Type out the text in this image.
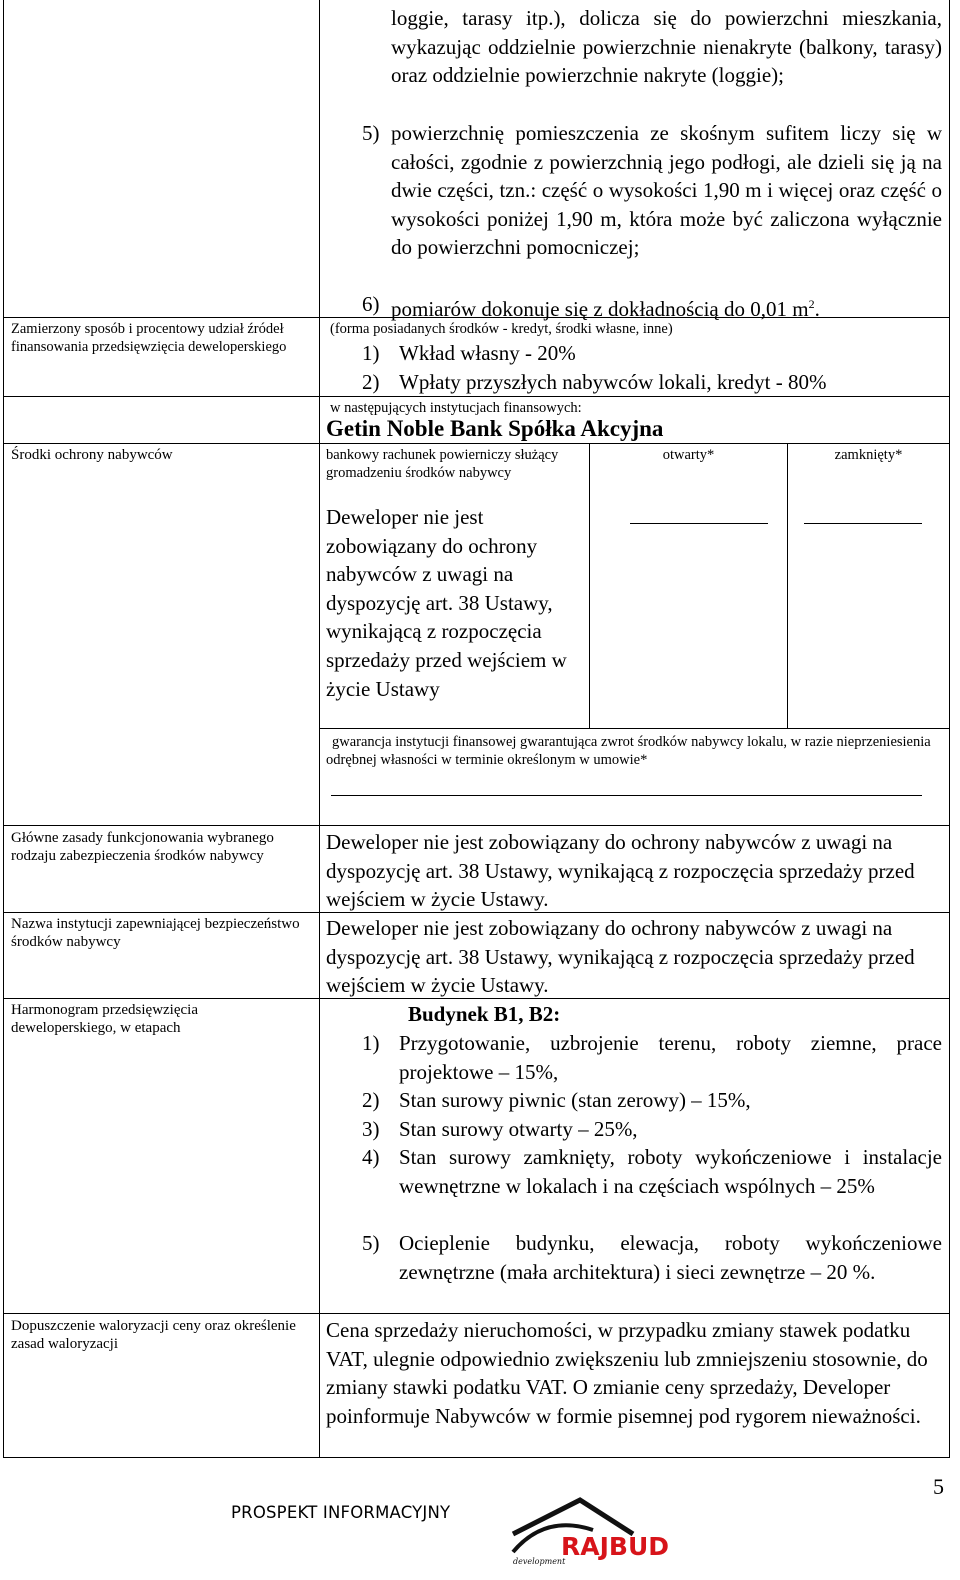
loggie, tarasy itp.), dolicza się do powierzchni mieszkania, wykazując oddzielnie powierzchnie nienakryte (balkony, tarasy) oraz oddzielnie powierzchnie nakryte (loggie);
5) powierzchnię pomieszczenia ze skośnym sufitem liczy się w całości, zgodnie z powierzchnią jego podłogi, ale dzieli się ją na dwie części, tzn.: część o wysokości 1,90 m i więcej oraz część o wysokości poniżej 1,90 m, która może być zaliczona wyłącznie do powierzchni pomocniczej;
6) pomiarów dokonuje się z dokładnością do 0,01 $m^2$.
Zamierzony sposób i procentowy udział źródeł finansowania przedsięwzięcia deweloperskiego
(forma posiadanych środków - kredyt, środki własne, inne)
1) Wkład własny - 20%
2) Wpłaty przyszłych nabywców lokali, kredyt - 80%
w następujących instytucjach finansowych:
Getin Noble Bank Spółka Akcyjna
Środki ochrony nabywców	bankowy rachunek powierniczy służący gromadzeniu środków nabywcy
otwarty*	zamknięty*
Deweloper nie jest zobowiązany do ochrony nabywców z uwagi na dyspozycję art. 38 Ustawy, wynikającą z rozpoczęcia sprzedaży przed wejściem w życie Ustawy
gwarancja instytucji finansowej gwarantująca zwrot środków nabywcy lokalu, w razie nieprzeniesienia odrębnej własności w terminie określonym w umowie*
Główne zasady funkcjonowania wybranego rodzaju zabezpieczenia środków nabywcy
Deweloper nie jest zobowiązany do ochrony nabywców z uwagi na dyspozycję art. 38 Ustawy, wynikającą z rozpoczęcia sprzedaży przed wejściem w życie Ustawy.
Nazwa instytucji zapewniającej bezpieczeństwo środków nabywcy
Deweloper nie jest zobowiązany do ochrony nabywców z uwagi na dyspozycję art. 38 Ustawy, wynikającą z rozpoczęcia sprzedaży przed wejściem w życie Ustawy.
Harmonogram przedsięwzięcia deweloperskiego, w etapach
Budynek B1, B2:
1) Przygotowanie, uzbrojenie terenu, roboty ziemne, prace projektowe – 15%,
2) Stan surowy piwnic (stan zerowy) – 15%,
3) Stan surowy otwarty – 25%,
4) Stan surowy zamknięty, roboty wykończeniowe i instalacje wewnętrzne w lokalach i na częściach wspólnych – 25%
5) Ocieplenie budynku, elewacja, roboty wykończeniowe zewnętrzne (mała architektura) i sieci zewnętrze – 20 %.
Dopuszczenie waloryzacji ceny oraz określenie zasad waloryzacji
Cena sprzedaży nieruchomości, w przypadku zmiany stawek podatku VAT, ulegnie odpowiednio zwiększeniu lub zmniejszeniu stosownie, do zmiany stawki podatku VAT. O zmianie ceny sprzedaży, Developer poinformuje Nabywców w formie pisemnej pod rygorem nieważności.
5
PROSPEKT INFORMACYJNY
development
RAJBUD
